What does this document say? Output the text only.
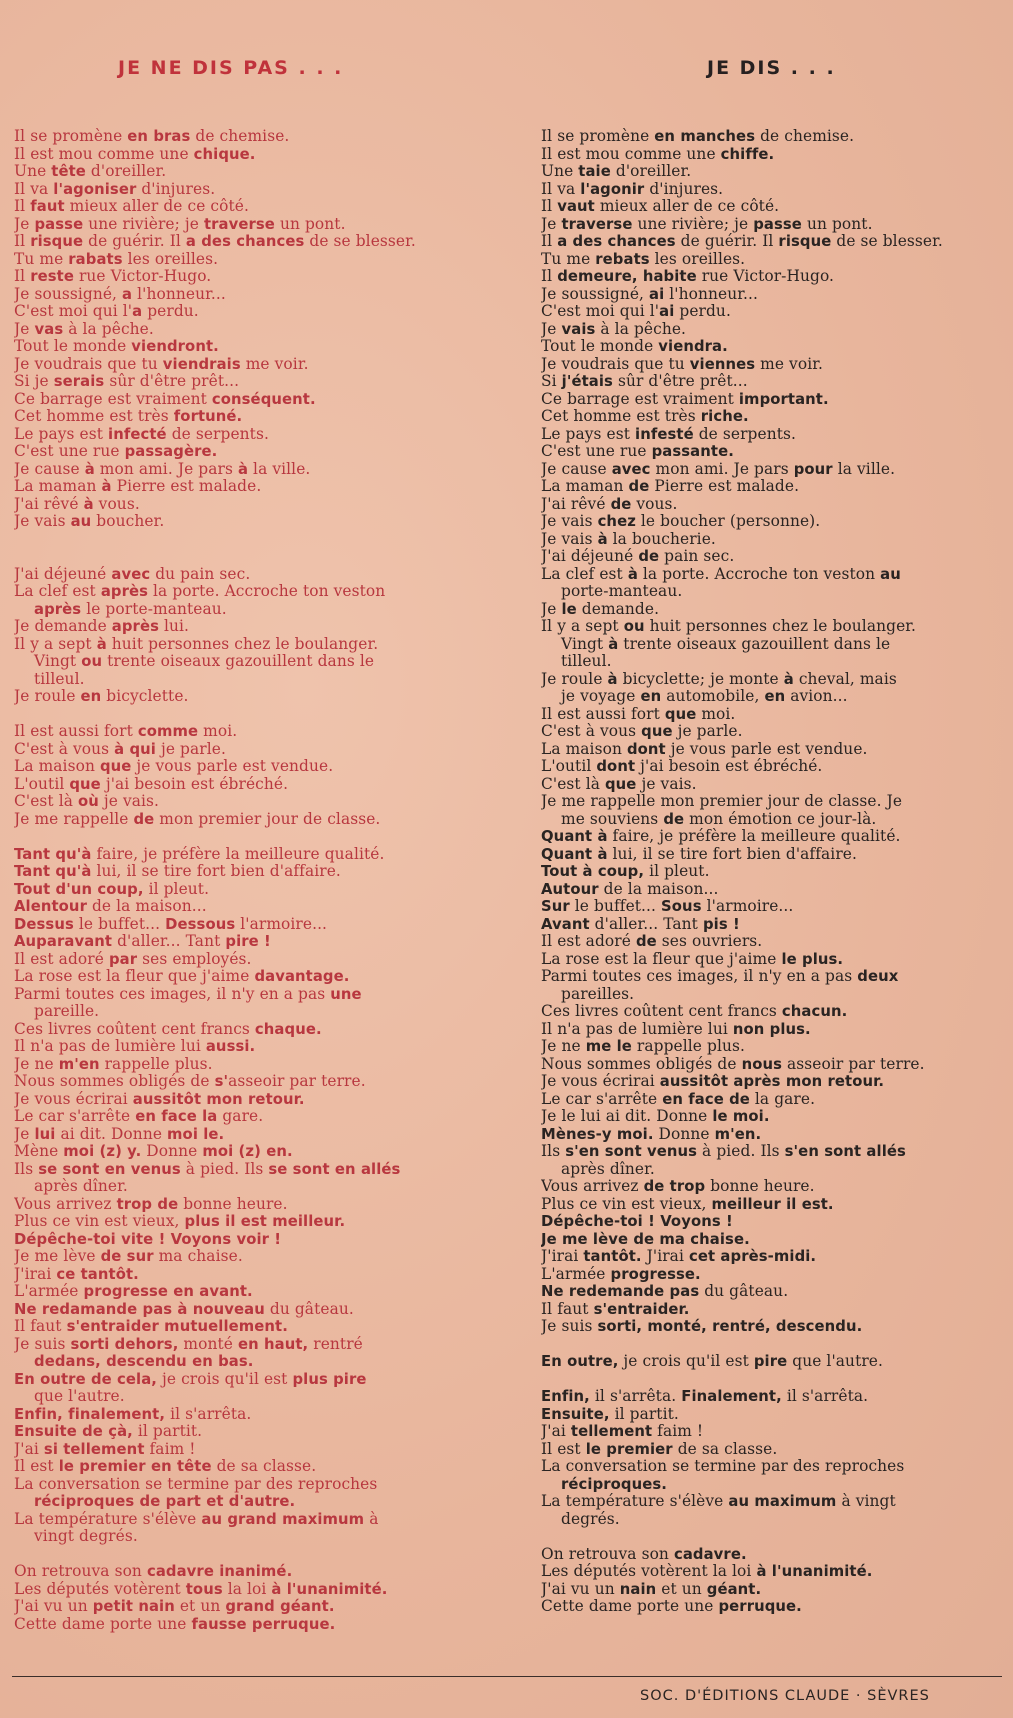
JE NE DIS PAS . . .	JE DIS . . .
Il se promène en bras de chemise.
Il est mou comme une chique.
Une tête d'oreiller.
Il va l'agoniser d'injures.
Il faut mieux aller de ce côté.
Je passe une rivière; je traverse un pont.
Il risque de guérir. Il a des chances de se blesser.
Tu me rabats les oreilles.
Il reste rue Victor-Hugo.
Je soussigné, a l'honneur...
C'est moi qui l'a perdu.
Je vas à la pêche.
Tout le monde viendront.
Je voudrais que tu viendrais me voir.
Si je serais sûr d'être prêt...
Ce barrage est vraiment conséquent.
Cet homme est très fortuné.
Le pays est infecté de serpents.
C'est une rue passagère.
Je cause à mon ami. Je pars à la ville.
La maman à Pierre est malade.
J'ai rêvé à vous.
Je vais au boucher.
J'ai déjeuné avec du pain sec.
La clef est après la porte. Accroche ton veston
après le porte-manteau.
Je demande après lui.
Il y a sept à huit personnes chez le boulanger.
Vingt ou trente oiseaux gazouillent dans le
tilleul.
Je roule en bicyclette.
Il est aussi fort comme moi.
C'est à vous à qui je parle.
La maison que je vous parle est vendue.
L'outil que j'ai besoin est ébréché.
C'est là où je vais.
Je me rappelle de mon premier jour de classe.
Tant qu'à faire, je préfère la meilleure qualité.
Tant qu'à lui, il se tire fort bien d'affaire.
Tout d'un coup, il pleut.
Alentour de la maison...
Dessus le buffet... Dessous l'armoire...
Auparavant d'aller... Tant pire !
Il est adoré par ses employés.
La rose est la fleur que j'aime davantage.
Parmi toutes ces images, il n'y en a pas une
pareille.
Ces livres coûtent cent francs chaque.
Il n'a pas de lumière lui aussi.
Je ne m'en rappelle plus.
Nous sommes obligés de s'asseoir par terre.
Je vous écrirai aussitôt mon retour.
Le car s'arrête en face la gare.
Je lui ai dit. Donne moi le.
Mène moi (z) y. Donne moi (z) en.
Ils se sont en venus à pied. Ils se sont en allés
après dîner.
Vous arrivez trop de bonne heure.
Plus ce vin est vieux, plus il est meilleur.
Dépêche-toi vite ! Voyons voir !
Je me lève de sur ma chaise.
J'irai ce tantôt.
L'armée progresse en avant.
Ne redamande pas à nouveau du gâteau.
Il faut s'entraider mutuellement.
Je suis sorti dehors, monté en haut, rentré
dedans, descendu en bas.
En outre de cela, je crois qu'il est plus pire
que l'autre.
Enfin, finalement, il s'arrêta.
Ensuite de çà, il partit.
J'ai si tellement faim !
Il est le premier en tête de sa classe.
La conversation se termine par des reproches
réciproques de part et d'autre.
La température s'élève au grand maximum à
vingt degrés.
On retrouva son cadavre inanimé.
Les députés votèrent tous la loi à l'unanimité.
J'ai vu un petit nain et un grand géant.
Cette dame porte une fausse perruque.
Il se promène en manches de chemise.
Il est mou comme une chiffe.
Une taie d'oreiller.
Il va l'agonir d'injures.
Il vaut mieux aller de ce côté.
Je traverse une rivière; je passe un pont.
Il a des chances de guérir. Il risque de se blesser.
Tu me rebats les oreilles.
Il demeure, habite rue Victor-Hugo.
Je soussigné, ai l'honneur...
C'est moi qui l'ai perdu.
Je vais à la pêche.
Tout le monde viendra.
Je voudrais que tu viennes me voir.
Si j'étais sûr d'être prêt...
Ce barrage est vraiment important.
Cet homme est très riche.
Le pays est infesté de serpents.
C'est une rue passante.
Je cause avec mon ami. Je pars pour la ville.
La maman de Pierre est malade.
J'ai rêvé de vous.
Je vais chez le boucher (personne).
Je vais à la boucherie.
J'ai déjeuné de pain sec.
La clef est à la porte. Accroche ton veston au
porte-manteau.
Je le demande.
Il y a sept ou huit personnes chez le boulanger.
Vingt à trente oiseaux gazouillent dans le
tilleul.
Je roule à bicyclette; je monte à cheval, mais
je voyage en automobile, en avion...
Il est aussi fort que moi.
C'est à vous que je parle.
La maison dont je vous parle est vendue.
L'outil dont j'ai besoin est ébréché.
C'est là que je vais.
Je me rappelle mon premier jour de classe. Je
me souviens de mon émotion ce jour-là.
Quant à faire, je préfère la meilleure qualité.
Quant à lui, il se tire fort bien d'affaire.
Tout à coup, il pleut.
Autour de la maison...
Sur le buffet... Sous l'armoire...
Avant d'aller... Tant pis !
Il est adoré de ses ouvriers.
La rose est la fleur que j'aime le plus.
Parmi toutes ces images, il n'y en a pas deux
pareilles.
Ces livres coûtent cent francs chacun.
Il n'a pas de lumière lui non plus.
Je ne me le rappelle plus.
Nous sommes obligés de nous asseoir par terre.
Je vous écrirai aussitôt après mon retour.
Le car s'arrête en face de la gare.
Je le lui ai dit. Donne le moi.
Mènes-y moi. Donne m'en.
Ils s'en sont venus à pied. Ils s'en sont allés
après dîner.
Vous arrivez de trop bonne heure.
Plus ce vin est vieux, meilleur il est.
Dépêche-toi ! Voyons !
Je me lève de ma chaise.
J'irai tantôt. J'irai cet après-midi.
L'armée progresse.
Ne redemande pas du gâteau.
Il faut s'entraider.
Je suis sorti, monté, rentré, descendu.
En outre, je crois qu'il est pire que l'autre.
Enfin, il s'arrêta. Finalement, il s'arrêta.
Ensuite, il partit.
J'ai tellement faim !
Il est le premier de sa classe.
La conversation se termine par des reproches
réciproques.
La température s'élève au maximum à vingt
degrés.
On retrouva son cadavre.
Les députés votèrent la loi à l'unanimité.
J'ai vu un nain et un géant.
Cette dame porte une perruque.
SOC. D'ÉDITIONS CLAUDE · SÈVRES
